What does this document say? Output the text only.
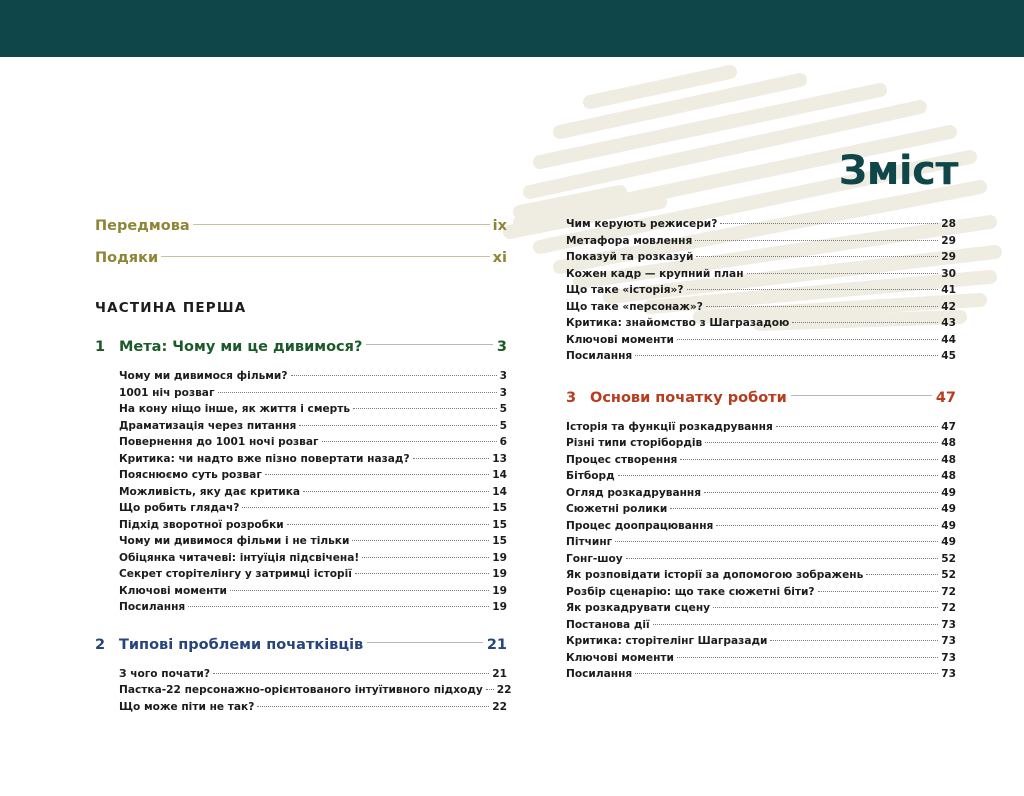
Зміст
Передмова	ix
Подяки	xi
ЧАСТИНА ПЕРША
1 Мета: Чому ми це дивимося?	3
Чому ми дивимося фільми?	3
1001 ніч розваг	3
На кону ніщо інше, як життя і смерть	5
Драматизація через питання	5
Повернення до 1001 ночі розваг	6
Критика: чи надто вже пізно повертати назад?	13
Пояснюємо суть розваг	14
Можливість, яку дає критика	14
Що робить глядач?	15
Підхід зворотної розробки	15
Чому ми дивимося фільми і не тільки	15
Обіцянка читачеві: інтуїція підсвічена!	19
Секрет сторітелінгу у затримці історії	19
Ключові моменти	19
Посилання	19
2 Типові проблеми початківців	21
З чого почати?	21
Пастка-22 персонажно-орієнтованого інтуїтивного підходу 22
Що може піти не так?	22
Чим керують режисери?	28
Метафора мовлення	29
Показуй та розказуй	29
Кожен кадр — крупний план	30
Що таке «історія»?	41
Що таке «персонаж»?	42
Критика: знайомство з Шагразадою	43
Ключові моменти	44
Посилання	45
3 Основи початку роботи	47
Історія та функції розкадрування	47
Різні типи сторібордів	48
Процес створення	48
Бітборд	48
Огляд розкадрування	49
Сюжетні ролики	49
Процес доопрацювання	49
Пітчинг	49
Гонг-шоу	52
Як розповідати історії за допомогою зображень	52
Розбір сценарію: що таке сюжетні біти?	72
Як розкадрувати сцену	72
Постанова дії	73
Критика: сторітелінг Шагразади	73
Ключові моменти	73
Посилання	73
